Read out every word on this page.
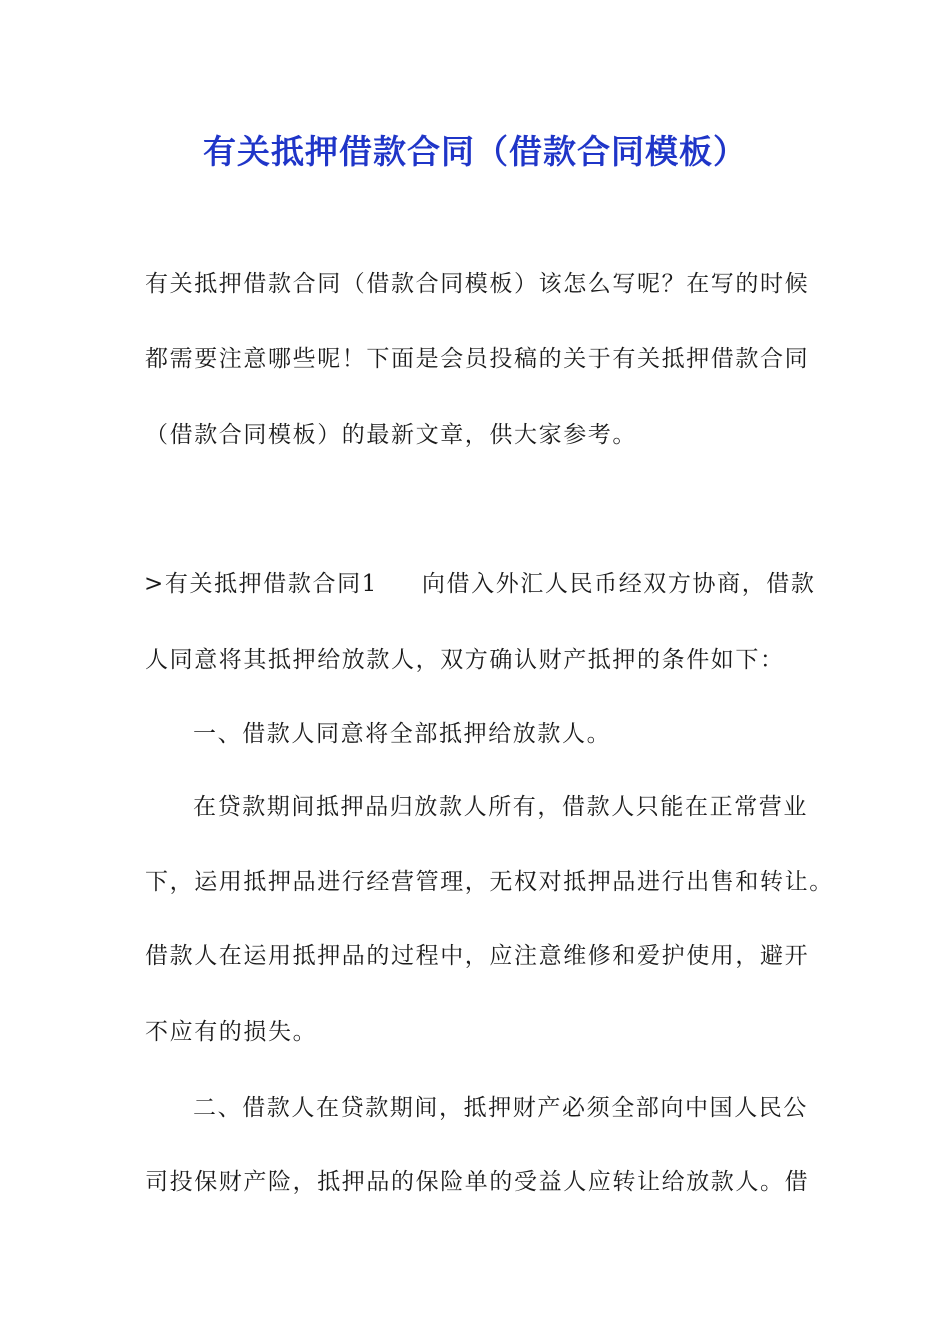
有关抵押借款合同（借款合同模板）
有关抵押借款合同（借款合同模板）该怎么写呢？在写的时候
都需要注意哪些呢！下面是会员投稿的关于有关抵押借款合同
（借款合同模板）的最新文章，供大家参考。
>有关抵押借款合同1 向借入外汇人民币经双方协商，借款
人同意将其抵押给放款人，双方确认财产抵押的条件如下：
一、借款人同意将全部抵押给放款人。
在贷款期间抵押品归放款人所有，借款人只能在正常营业
下，运用抵押品进行经营管理，无权对抵押品进行出售和转让。
借款人在运用抵押品的过程中，应注意维修和爱护使用，避开
不应有的损失。
二、借款人在贷款期间，抵押财产必须全部向中国人民公
司投保财产险，抵押品的保险单的受益人应转让给放款人。借
